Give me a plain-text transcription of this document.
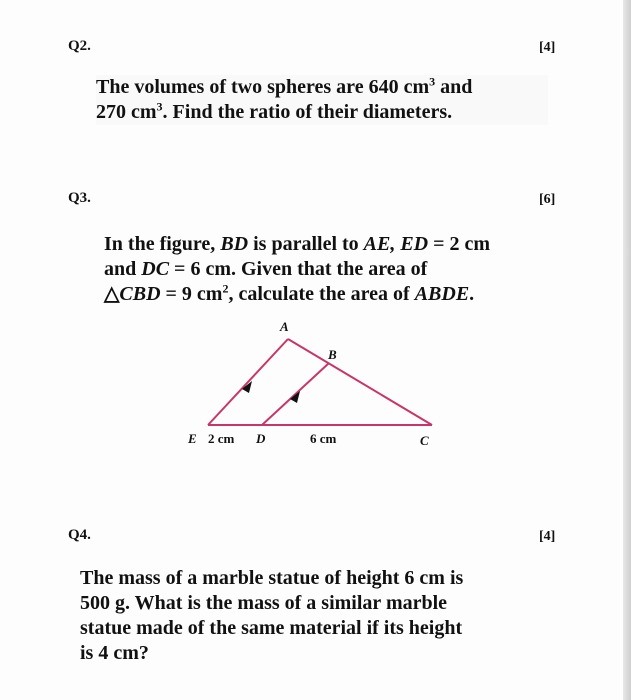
Q2.	[4]
The volumes of two spheres are 640 $cm^3$ and
270 $cm^3$. Find the ratio of their diameters.
Q3.	[6]
In the figure, BD is parallel to AE, ED = 2 cm
and DC = 6 cm. Given that the area of
△CBD = 9 $cm^2$, calculate the area of ABDE.
A
B
E 2 cm D	6 cm	C
Q4.	[4]
The mass of a marble statue of height 6 cm is
500 g. What is the mass of a similar marble
statue made of the same material if its height
is 4 cm?
